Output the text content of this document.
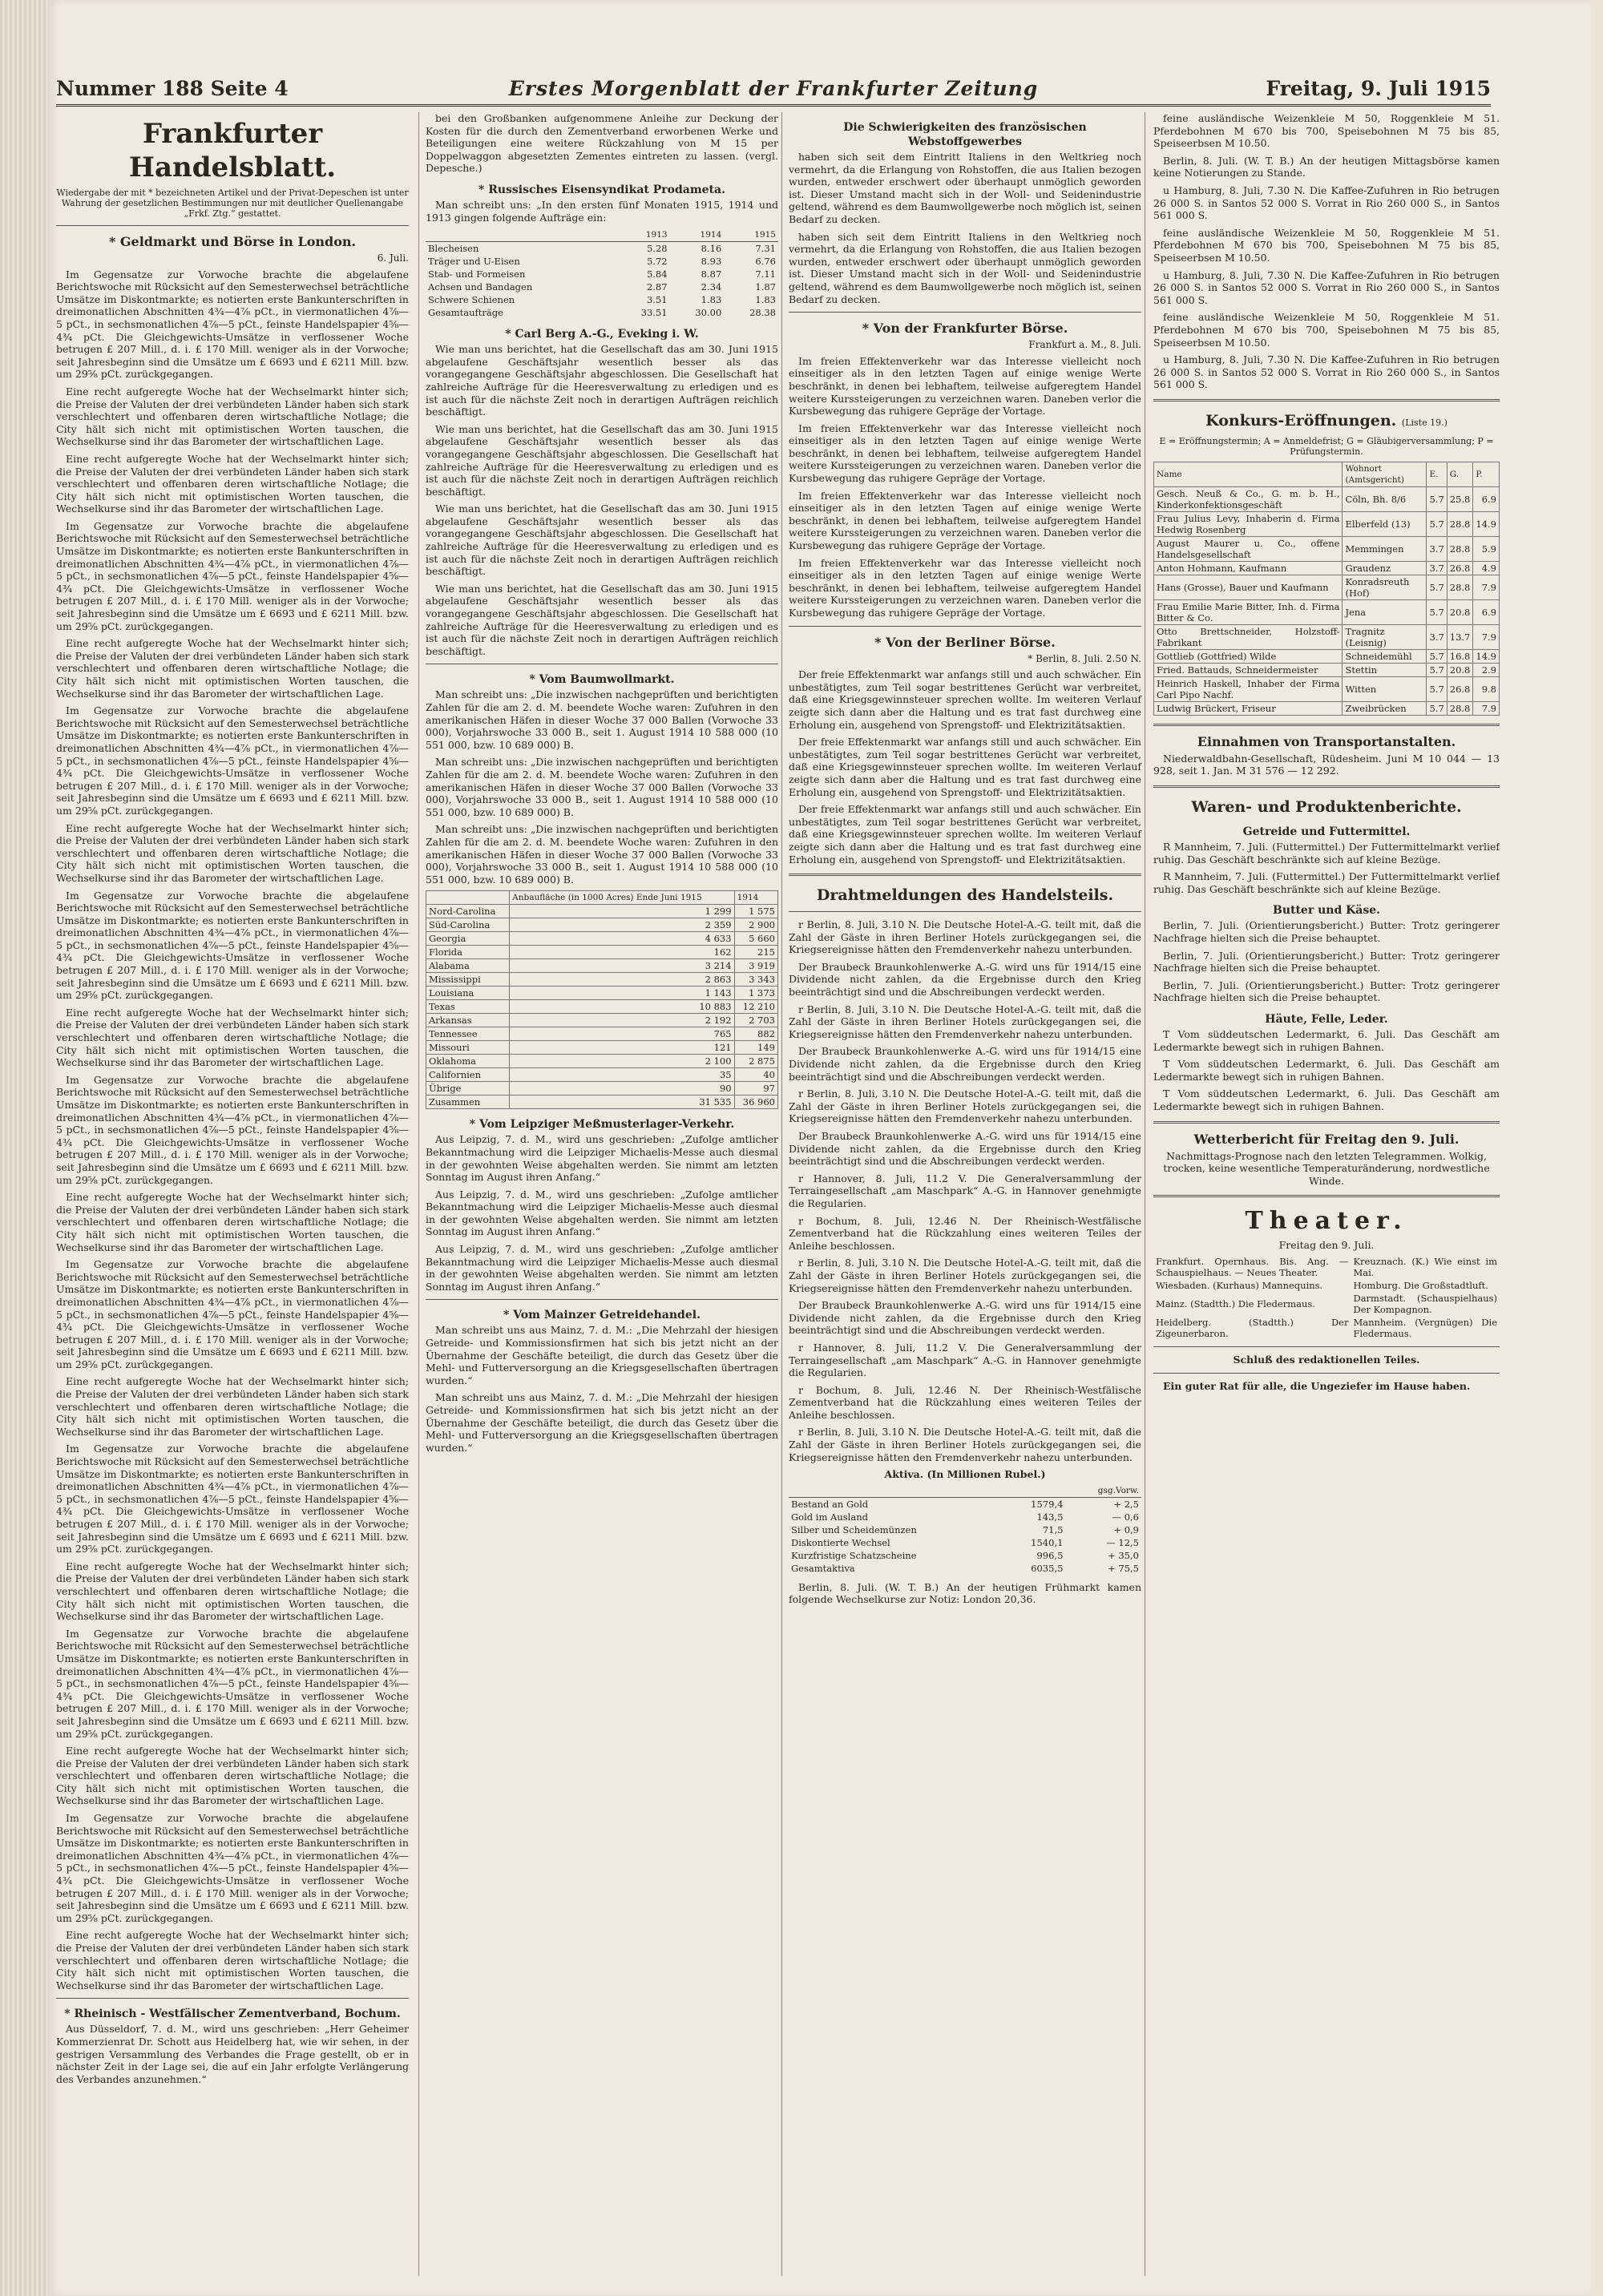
Nummer 188 Seite 4	Erstes Morgenblatt der Frankfurter Zeitung	Freitag, 9. Juli 1915
Frankfurter Handelsblatt.
Wiedergabe der mit * bezeichneten Artikel und der Privat-Depeschen ist unter Wahrung der gesetzlichen Bestimmungen nur mit deutlicher Quellenangabe „Frkf. Ztg.“ gestattet.
* Geldmarkt und Börse in London.
6. Juli.

Im Gegensatze zur Vorwoche brachte die abgelaufene Berichtswoche mit Rücksicht auf den Semesterwechsel beträchtliche Umsätze im Diskontmarkte; es notierten erste Bankunterschriften in dreimonatlichen Abschnitten 4¾—4⅞ pCt., in viermonatlichen 4⅞—5 pCt., in sechsmonatlichen 4⅞—5 pCt., feinste Handelspapier 4⅝—4¾ pCt. Die Gleichgewichts-Umsätze in verflossener Woche betrugen £ 207 Mill., d. i. £ 170 Mill. weniger als in der Vorwoche; seit Jahresbeginn sind die Umsätze um £ 6693 und £ 6211 Mill. bzw. um 29⅝ pCt. zurückgegangen.

Eine recht aufgeregte Woche hat der Wechselmarkt hinter sich; die Preise der Valuten der drei verbündeten Länder haben sich stark verschlechtert und offenbaren deren wirtschaftliche Notlage; die City hält sich nicht mit optimistischen Worten tauschen, die Wechselkurse sind ihr das Barometer der wirtschaftlichen Lage.

Eine recht aufgeregte Woche hat der Wechselmarkt hinter sich; die Preise der Valuten der drei verbündeten Länder haben sich stark verschlechtert und offenbaren deren wirtschaftliche Notlage; die City hält sich nicht mit optimistischen Worten tauschen, die Wechselkurse sind ihr das Barometer der wirtschaftlichen Lage.

Im Gegensatze zur Vorwoche brachte die abgelaufene Berichtswoche mit Rücksicht auf den Semesterwechsel beträchtliche Umsätze im Diskontmarkte; es notierten erste Bankunterschriften in dreimonatlichen Abschnitten 4¾—4⅞ pCt., in viermonatlichen 4⅞—5 pCt., in sechsmonatlichen 4⅞—5 pCt., feinste Handelspapier 4⅝—4¾ pCt. Die Gleichgewichts-Umsätze in verflossener Woche betrugen £ 207 Mill., d. i. £ 170 Mill. weniger als in der Vorwoche; seit Jahresbeginn sind die Umsätze um £ 6693 und £ 6211 Mill. bzw. um 29⅝ pCt. zurückgegangen.

Eine recht aufgeregte Woche hat der Wechselmarkt hinter sich; die Preise der Valuten der drei verbündeten Länder haben sich stark verschlechtert und offenbaren deren wirtschaftliche Notlage; die City hält sich nicht mit optimistischen Worten tauschen, die Wechselkurse sind ihr das Barometer der wirtschaftlichen Lage.

Im Gegensatze zur Vorwoche brachte die abgelaufene Berichtswoche mit Rücksicht auf den Semesterwechsel beträchtliche Umsätze im Diskontmarkte; es notierten erste Bankunterschriften in dreimonatlichen Abschnitten 4¾—4⅞ pCt., in viermonatlichen 4⅞—5 pCt., in sechsmonatlichen 4⅞—5 pCt., feinste Handelspapier 4⅝—4¾ pCt. Die Gleichgewichts-Umsätze in verflossener Woche betrugen £ 207 Mill., d. i. £ 170 Mill. weniger als in der Vorwoche; seit Jahresbeginn sind die Umsätze um £ 6693 und £ 6211 Mill. bzw. um 29⅝ pCt. zurückgegangen.

Eine recht aufgeregte Woche hat der Wechselmarkt hinter sich; die Preise der Valuten der drei verbündeten Länder haben sich stark verschlechtert und offenbaren deren wirtschaftliche Notlage; die City hält sich nicht mit optimistischen Worten tauschen, die Wechselkurse sind ihr das Barometer der wirtschaftlichen Lage.

Im Gegensatze zur Vorwoche brachte die abgelaufene Berichtswoche mit Rücksicht auf den Semesterwechsel beträchtliche Umsätze im Diskontmarkte; es notierten erste Bankunterschriften in dreimonatlichen Abschnitten 4¾—4⅞ pCt., in viermonatlichen 4⅞—5 pCt., in sechsmonatlichen 4⅞—5 pCt., feinste Handelspapier 4⅝—4¾ pCt. Die Gleichgewichts-Umsätze in verflossener Woche betrugen £ 207 Mill., d. i. £ 170 Mill. weniger als in der Vorwoche; seit Jahresbeginn sind die Umsätze um £ 6693 und £ 6211 Mill. bzw. um 29⅝ pCt. zurückgegangen.

Eine recht aufgeregte Woche hat der Wechselmarkt hinter sich; die Preise der Valuten der drei verbündeten Länder haben sich stark verschlechtert und offenbaren deren wirtschaftliche Notlage; die City hält sich nicht mit optimistischen Worten tauschen, die Wechselkurse sind ihr das Barometer der wirtschaftlichen Lage.

Im Gegensatze zur Vorwoche brachte die abgelaufene Berichtswoche mit Rücksicht auf den Semesterwechsel beträchtliche Umsätze im Diskontmarkte; es notierten erste Bankunterschriften in dreimonatlichen Abschnitten 4¾—4⅞ pCt., in viermonatlichen 4⅞—5 pCt., in sechsmonatlichen 4⅞—5 pCt., feinste Handelspapier 4⅝—4¾ pCt. Die Gleichgewichts-Umsätze in verflossener Woche betrugen £ 207 Mill., d. i. £ 170 Mill. weniger als in der Vorwoche; seit Jahresbeginn sind die Umsätze um £ 6693 und £ 6211 Mill. bzw. um 29⅝ pCt. zurückgegangen.

Eine recht aufgeregte Woche hat der Wechselmarkt hinter sich; die Preise der Valuten der drei verbündeten Länder haben sich stark verschlechtert und offenbaren deren wirtschaftliche Notlage; die City hält sich nicht mit optimistischen Worten tauschen, die Wechselkurse sind ihr das Barometer der wirtschaftlichen Lage.

Im Gegensatze zur Vorwoche brachte die abgelaufene Berichtswoche mit Rücksicht auf den Semesterwechsel beträchtliche Umsätze im Diskontmarkte; es notierten erste Bankunterschriften in dreimonatlichen Abschnitten 4¾—4⅞ pCt., in viermonatlichen 4⅞—5 pCt., in sechsmonatlichen 4⅞—5 pCt., feinste Handelspapier 4⅝—4¾ pCt. Die Gleichgewichts-Umsätze in verflossener Woche betrugen £ 207 Mill., d. i. £ 170 Mill. weniger als in der Vorwoche; seit Jahresbeginn sind die Umsätze um £ 6693 und £ 6211 Mill. bzw. um 29⅝ pCt. zurückgegangen.

Eine recht aufgeregte Woche hat der Wechselmarkt hinter sich; die Preise der Valuten der drei verbündeten Länder haben sich stark verschlechtert und offenbaren deren wirtschaftliche Notlage; die City hält sich nicht mit optimistischen Worten tauschen, die Wechselkurse sind ihr das Barometer der wirtschaftlichen Lage.

Im Gegensatze zur Vorwoche brachte die abgelaufene Berichtswoche mit Rücksicht auf den Semesterwechsel beträchtliche Umsätze im Diskontmarkte; es notierten erste Bankunterschriften in dreimonatlichen Abschnitten 4¾—4⅞ pCt., in viermonatlichen 4⅞—5 pCt., in sechsmonatlichen 4⅞—5 pCt., feinste Handelspapier 4⅝—4¾ pCt. Die Gleichgewichts-Umsätze in verflossener Woche betrugen £ 207 Mill., d. i. £ 170 Mill. weniger als in der Vorwoche; seit Jahresbeginn sind die Umsätze um £ 6693 und £ 6211 Mill. bzw. um 29⅝ pCt. zurückgegangen.

Eine recht aufgeregte Woche hat der Wechselmarkt hinter sich; die Preise der Valuten der drei verbündeten Länder haben sich stark verschlechtert und offenbaren deren wirtschaftliche Notlage; die City hält sich nicht mit optimistischen Worten tauschen, die Wechselkurse sind ihr das Barometer der wirtschaftlichen Lage.

Im Gegensatze zur Vorwoche brachte die abgelaufene Berichtswoche mit Rücksicht auf den Semesterwechsel beträchtliche Umsätze im Diskontmarkte; es notierten erste Bankunterschriften in dreimonatlichen Abschnitten 4¾—4⅞ pCt., in viermonatlichen 4⅞—5 pCt., in sechsmonatlichen 4⅞—5 pCt., feinste Handelspapier 4⅝—4¾ pCt. Die Gleichgewichts-Umsätze in verflossener Woche betrugen £ 207 Mill., d. i. £ 170 Mill. weniger als in der Vorwoche; seit Jahresbeginn sind die Umsätze um £ 6693 und £ 6211 Mill. bzw. um 29⅝ pCt. zurückgegangen.

Eine recht aufgeregte Woche hat der Wechselmarkt hinter sich; die Preise der Valuten der drei verbündeten Länder haben sich stark verschlechtert und offenbaren deren wirtschaftliche Notlage; die City hält sich nicht mit optimistischen Worten tauschen, die Wechselkurse sind ihr das Barometer der wirtschaftlichen Lage.

Im Gegensatze zur Vorwoche brachte die abgelaufene Berichtswoche mit Rücksicht auf den Semesterwechsel beträchtliche Umsätze im Diskontmarkte; es notierten erste Bankunterschriften in dreimonatlichen Abschnitten 4¾—4⅞ pCt., in viermonatlichen 4⅞—5 pCt., in sechsmonatlichen 4⅞—5 pCt., feinste Handelspapier 4⅝—4¾ pCt. Die Gleichgewichts-Umsätze in verflossener Woche betrugen £ 207 Mill., d. i. £ 170 Mill. weniger als in der Vorwoche; seit Jahresbeginn sind die Umsätze um £ 6693 und £ 6211 Mill. bzw. um 29⅝ pCt. zurückgegangen.

Eine recht aufgeregte Woche hat der Wechselmarkt hinter sich; die Preise der Valuten der drei verbündeten Länder haben sich stark verschlechtert und offenbaren deren wirtschaftliche Notlage; die City hält sich nicht mit optimistischen Worten tauschen, die Wechselkurse sind ihr das Barometer der wirtschaftlichen Lage.

* Rheinisch - Westfälischer Zementverband, Bochum.

Aus Düsseldorf, 7. d. M., wird uns geschrieben: „Herr Geheimer Kommerzienrat Dr. Schott aus Heidelberg hat, wie wir sehen, in der gestrigen Versammlung des Verbandes die Frage gestellt, ob er in nächster Zeit in der Lage sei, die auf ein Jahr erfolgte Verlängerung des Verbandes anzunehmen.“

bei den Großbanken aufgenommene Anleihe zur Deckung der Kosten für die durch den Zementverband erworbenen Werke und Beteiligungen eine weitere Rückzahlung von M 15 per Doppelwaggon abgesetzten Zementes eintreten zu lassen. (vergl. Depesche.)

* Russisches Eisensyndikat Prodameta.

Man schreibt uns: „In den ersten fünf Monaten 1915, 1914 und 1913 gingen folgende Aufträge ein:

	1913	1914	1915
Blecheisen	5.28	8.16	7.31
Träger und U-Eisen	5.72	8.93	6.76
Stab- und Formeisen	5.84	8.87	7.11
Achsen und Bandagen	2.87	2.34	1.87
Schwere Schienen	3.51	1.83	1.83
Gesamtaufträge	33.51	30.00	28.38
* Carl Berg A.-G., Eveking i. W.

Wie man uns berichtet, hat die Gesellschaft das am 30. Juni 1915 abgelaufene Geschäftsjahr wesentlich besser als das vorangegangene Geschäftsjahr abgeschlossen. Die Gesellschaft hat zahlreiche Aufträge für die Heeresverwaltung zu erledigen und es ist auch für die nächste Zeit noch in derartigen Aufträgen reichlich beschäftigt.

Wie man uns berichtet, hat die Gesellschaft das am 30. Juni 1915 abgelaufene Geschäftsjahr wesentlich besser als das vorangegangene Geschäftsjahr abgeschlossen. Die Gesellschaft hat zahlreiche Aufträge für die Heeresverwaltung zu erledigen und es ist auch für die nächste Zeit noch in derartigen Aufträgen reichlich beschäftigt.

Wie man uns berichtet, hat die Gesellschaft das am 30. Juni 1915 abgelaufene Geschäftsjahr wesentlich besser als das vorangegangene Geschäftsjahr abgeschlossen. Die Gesellschaft hat zahlreiche Aufträge für die Heeresverwaltung zu erledigen und es ist auch für die nächste Zeit noch in derartigen Aufträgen reichlich beschäftigt.

Wie man uns berichtet, hat die Gesellschaft das am 30. Juni 1915 abgelaufene Geschäftsjahr wesentlich besser als das vorangegangene Geschäftsjahr abgeschlossen. Die Gesellschaft hat zahlreiche Aufträge für die Heeresverwaltung zu erledigen und es ist auch für die nächste Zeit noch in derartigen Aufträgen reichlich beschäftigt.

* Vom Baumwollmarkt.

Man schreibt uns: „Die inzwischen nachgeprüften und berichtigten Zahlen für die am 2. d. M. beendete Woche waren: Zufuhren in den amerikanischen Häfen in dieser Woche 37 000 Ballen (Vorwoche 33 000), Vorjahrswoche 33 000 B., seit 1. August 1914 10 588 000 (10 551 000, bzw. 10 689 000) B.

Man schreibt uns: „Die inzwischen nachgeprüften und berichtigten Zahlen für die am 2. d. M. beendete Woche waren: Zufuhren in den amerikanischen Häfen in dieser Woche 37 000 Ballen (Vorwoche 33 000), Vorjahrswoche 33 000 B., seit 1. August 1914 10 588 000 (10 551 000, bzw. 10 689 000) B.

Man schreibt uns: „Die inzwischen nachgeprüften und berichtigten Zahlen für die am 2. d. M. beendete Woche waren: Zufuhren in den amerikanischen Häfen in dieser Woche 37 000 Ballen (Vorwoche 33 000), Vorjahrswoche 33 000 B., seit 1. August 1914 10 588 000 (10 551 000, bzw. 10 689 000) B.

	Anbaufläche (in 1000 Acres) Ende Juni 1915	1914
Nord-Carolina	1 299	1 575
Süd-Carolina	2 359	2 900
Georgia	4 633	5 660
Florida	162	215
Alabama	3 214	3 919
Mississippi	2 863	3 343
Louisiana	1 143	1 373
Texas	10 883	12 210
Arkansas	2 192	2 703
Tennessee	765	882
Missouri	121	149
Oklahoma	2 100	2 875
Californien	35	40
Übrige	90	97
Zusammen	31 535	36 960
* Vom Leipziger Meßmusterlager-Verkehr.

Aus Leipzig, 7. d. M., wird uns geschrieben: „Zufolge amtlicher Bekanntmachung wird die Leipziger Michaelis-Messe auch diesmal in der gewohnten Weise abgehalten werden. Sie nimmt am letzten Sonntag im August ihren Anfang.“

Aus Leipzig, 7. d. M., wird uns geschrieben: „Zufolge amtlicher Bekanntmachung wird die Leipziger Michaelis-Messe auch diesmal in der gewohnten Weise abgehalten werden. Sie nimmt am letzten Sonntag im August ihren Anfang.“

Aus Leipzig, 7. d. M., wird uns geschrieben: „Zufolge amtlicher Bekanntmachung wird die Leipziger Michaelis-Messe auch diesmal in der gewohnten Weise abgehalten werden. Sie nimmt am letzten Sonntag im August ihren Anfang.“

* Vom Mainzer Getreidehandel.

Man schreibt uns aus Mainz, 7. d. M.: „Die Mehrzahl der hiesigen Getreide- und Kommissionsfirmen hat sich bis jetzt nicht an der Übernahme der Geschäfte beteiligt, die durch das Gesetz über die Mehl- und Futterversorgung an die Kriegsgesellschaften übertragen wurden.“

Man schreibt uns aus Mainz, 7. d. M.: „Die Mehrzahl der hiesigen Getreide- und Kommissionsfirmen hat sich bis jetzt nicht an der Übernahme der Geschäfte beteiligt, die durch das Gesetz über die Mehl- und Futterversorgung an die Kriegsgesellschaften übertragen wurden.“

Die Schwierigkeiten des französischen Webstoffgewerbes

haben sich seit dem Eintritt Italiens in den Weltkrieg noch vermehrt, da die Erlangung von Rohstoffen, die aus Italien bezogen wurden, entweder erschwert oder überhaupt unmöglich geworden ist. Dieser Umstand macht sich in der Woll- und Seidenindustrie geltend, während es dem Baumwollgewerbe noch möglich ist, seinen Bedarf zu decken.

haben sich seit dem Eintritt Italiens in den Weltkrieg noch vermehrt, da die Erlangung von Rohstoffen, die aus Italien bezogen wurden, entweder erschwert oder überhaupt unmöglich geworden ist. Dieser Umstand macht sich in der Woll- und Seidenindustrie geltend, während es dem Baumwollgewerbe noch möglich ist, seinen Bedarf zu decken.

* Von der Frankfurter Börse.
Frankfurt a. M., 8. Juli.

Im freien Effektenverkehr war das Interesse vielleicht noch einseitiger als in den letzten Tagen auf einige wenige Werte beschränkt, in denen bei lebhaftem, teilweise aufgeregtem Handel weitere Kurssteigerungen zu verzeichnen waren. Daneben verlor die Kursbewegung das ruhigere Gepräge der Vortage.

Im freien Effektenverkehr war das Interesse vielleicht noch einseitiger als in den letzten Tagen auf einige wenige Werte beschränkt, in denen bei lebhaftem, teilweise aufgeregtem Handel weitere Kurssteigerungen zu verzeichnen waren. Daneben verlor die Kursbewegung das ruhigere Gepräge der Vortage.

Im freien Effektenverkehr war das Interesse vielleicht noch einseitiger als in den letzten Tagen auf einige wenige Werte beschränkt, in denen bei lebhaftem, teilweise aufgeregtem Handel weitere Kurssteigerungen zu verzeichnen waren. Daneben verlor die Kursbewegung das ruhigere Gepräge der Vortage.

Im freien Effektenverkehr war das Interesse vielleicht noch einseitiger als in den letzten Tagen auf einige wenige Werte beschränkt, in denen bei lebhaftem, teilweise aufgeregtem Handel weitere Kurssteigerungen zu verzeichnen waren. Daneben verlor die Kursbewegung das ruhigere Gepräge der Vortage.

* Von der Berliner Börse.
* Berlin, 8. Juli. 2.50 N.

Der freie Effektenmarkt war anfangs still und auch schwächer. Ein unbestätigtes, zum Teil sogar bestrittenes Gerücht war verbreitet, daß eine Kriegsgewinnsteuer sprechen wollte. Im weiteren Verlauf zeigte sich dann aber die Haltung und es trat fast durchweg eine Erholung ein, ausgehend von Sprengstoff- und Elektrizitätsaktien.

Der freie Effektenmarkt war anfangs still und auch schwächer. Ein unbestätigtes, zum Teil sogar bestrittenes Gerücht war verbreitet, daß eine Kriegsgewinnsteuer sprechen wollte. Im weiteren Verlauf zeigte sich dann aber die Haltung und es trat fast durchweg eine Erholung ein, ausgehend von Sprengstoff- und Elektrizitätsaktien.

Der freie Effektenmarkt war anfangs still und auch schwächer. Ein unbestätigtes, zum Teil sogar bestrittenes Gerücht war verbreitet, daß eine Kriegsgewinnsteuer sprechen wollte. Im weiteren Verlauf zeigte sich dann aber die Haltung und es trat fast durchweg eine Erholung ein, ausgehend von Sprengstoff- und Elektrizitätsaktien.

Drahtmeldungen des Handelsteils.

r Berlin, 8. Juli, 3.10 N. Die Deutsche Hotel-A.-G. teilt mit, daß die Zahl der Gäste in ihren Berliner Hotels zurückgegangen sei, die Kriegsereignisse hätten den Fremdenverkehr nahezu unterbunden.

Der Braubeck Braunkohlenwerke A.-G. wird uns für 1914/15 eine Dividende nicht zahlen, da die Ergebnisse durch den Krieg beeinträchtigt sind und die Abschreibungen verdeckt werden.

r Berlin, 8. Juli, 3.10 N. Die Deutsche Hotel-A.-G. teilt mit, daß die Zahl der Gäste in ihren Berliner Hotels zurückgegangen sei, die Kriegsereignisse hätten den Fremdenverkehr nahezu unterbunden.

Der Braubeck Braunkohlenwerke A.-G. wird uns für 1914/15 eine Dividende nicht zahlen, da die Ergebnisse durch den Krieg beeinträchtigt sind und die Abschreibungen verdeckt werden.

r Berlin, 8. Juli, 3.10 N. Die Deutsche Hotel-A.-G. teilt mit, daß die Zahl der Gäste in ihren Berliner Hotels zurückgegangen sei, die Kriegsereignisse hätten den Fremdenverkehr nahezu unterbunden.

Der Braubeck Braunkohlenwerke A.-G. wird uns für 1914/15 eine Dividende nicht zahlen, da die Ergebnisse durch den Krieg beeinträchtigt sind und die Abschreibungen verdeckt werden.

r Hannover, 8. Juli, 11.2 V. Die Generalversammlung der Terraingesellschaft „am Maschpark“ A.-G. in Hannover genehmigte die Regularien.

r Bochum, 8. Juli, 12.46 N. Der Rheinisch-Westfälische Zementverband hat die Rückzahlung eines weiteren Teiles der Anleihe beschlossen.

r Berlin, 8. Juli, 3.10 N. Die Deutsche Hotel-A.-G. teilt mit, daß die Zahl der Gäste in ihren Berliner Hotels zurückgegangen sei, die Kriegsereignisse hätten den Fremdenverkehr nahezu unterbunden.

Der Braubeck Braunkohlenwerke A.-G. wird uns für 1914/15 eine Dividende nicht zahlen, da die Ergebnisse durch den Krieg beeinträchtigt sind und die Abschreibungen verdeckt werden.

r Hannover, 8. Juli, 11.2 V. Die Generalversammlung der Terraingesellschaft „am Maschpark“ A.-G. in Hannover genehmigte die Regularien.

r Bochum, 8. Juli, 12.46 N. Der Rheinisch-Westfälische Zementverband hat die Rückzahlung eines weiteren Teiles der Anleihe beschlossen.

r Berlin, 8. Juli, 3.10 N. Die Deutsche Hotel-A.-G. teilt mit, daß die Zahl der Gäste in ihren Berliner Hotels zurückgegangen sei, die Kriegsereignisse hätten den Fremdenverkehr nahezu unterbunden.

Aktiva. (In Millionen Rubel.)
		gsg.Vorw.
Bestand an Gold	1579,4	+ 2,5
Gold im Ausland	143,5	— 0,6
Silber und Scheidemünzen	71,5	+ 0,9
Diskontierte Wechsel	1540,1	— 12,5
Kurzfristige Schatzscheine	996,5	+ 35,0
Gesamtaktiva	6035,5	+ 75,5

Berlin, 8. Juli. (W. T. B.) An der heutigen Frühmarkt kamen folgende Wechselkurse zur Notiz: London 20,36.

feine ausländische Weizenkleie M 50, Roggenkleie M 51. Pferdebohnen M 670 bis 700, Speisebohnen M 75 bis 85, Speiseerbsen M 10.50.

Berlin, 8. Juli. (W. T. B.) An der heutigen Mittagsbörse kamen keine Notierungen zu Stande.

u Hamburg, 8. Juli, 7.30 N. Die Kaffee-Zufuhren in Rio betrugen 26 000 S. in Santos 52 000 S. Vorrat in Rio 260 000 S., in Santos 561 000 S.

feine ausländische Weizenkleie M 50, Roggenkleie M 51. Pferdebohnen M 670 bis 700, Speisebohnen M 75 bis 85, Speiseerbsen M 10.50.

u Hamburg, 8. Juli, 7.30 N. Die Kaffee-Zufuhren in Rio betrugen 26 000 S. in Santos 52 000 S. Vorrat in Rio 260 000 S., in Santos 561 000 S.

feine ausländische Weizenkleie M 50, Roggenkleie M 51. Pferdebohnen M 670 bis 700, Speisebohnen M 75 bis 85, Speiseerbsen M 10.50.

u Hamburg, 8. Juli, 7.30 N. Die Kaffee-Zufuhren in Rio betrugen 26 000 S. in Santos 52 000 S. Vorrat in Rio 260 000 S., in Santos 561 000 S.

Konkurs-Eröffnungen. (Liste 19.)
E = Eröffnungstermin; A = Anmeldefrist; G = Gläubigerversammlung; P = Prüfungstermin.
Name	Wohnort (Amtsgericht)	E.	G.	P.
Gesch. Neuß & Co., G. m. b. H., Kinderkonfektionsgeschäft	Cöln, Bh. 8/6	5.7	25.8	6.9
Frau Julius Levy, Inhaberin d. Firma Hedwig Rosenberg	Elberfeld (13)	5.7	28.8	14.9
August Maurer u. Co., offene Handelsgesellschaft	Memmingen	3.7	28.8	5.9
Anton Hohmann, Kaufmann	Graudenz	3.7	26.8	4.9
Hans (Grosse), Bauer und Kaufmann	Konradsreuth (Hof)	5.7	28.8	7.9
Frau Emilie Marie Bitter, Inh. d. Firma Bitter & Co.	Jena	5.7	20.8	6.9
Otto Brettschneider, Holzstoff-Fabrikant	Tragnitz (Leisnig)	3.7	13.7	7.9
Gottlieb (Gottfried) Wilde	Schneidemühl	5.7	16.8	14.9
Fried. Battauds, Schneidermeister	Stettin	5.7	20.8	2.9
Heinrich Haskell, Inhaber der Firma Carl Pipo Nachf.	Witten	5.7	26.8	9.8
Ludwig Brückert, Friseur	Zweibrücken	5.7	28.8	7.9
Einnahmen von Transportanstalten.

Niederwaldbahn-Gesellschaft, Rüdesheim. Juni M 10 044 — 13 928, seit 1. Jan. M 31 576 — 12 292.

Waren- und Produktenberichte.
Getreide und Futtermittel.

R Mannheim, 7. Juli. (Futtermittel.) Der Futtermittelmarkt verlief ruhig. Das Geschäft beschränkte sich auf kleine Bezüge.

R Mannheim, 7. Juli. (Futtermittel.) Der Futtermittelmarkt verlief ruhig. Das Geschäft beschränkte sich auf kleine Bezüge.

Butter und Käse.

Berlin, 7. Juli. (Orientierungsbericht.) Butter: Trotz geringerer Nachfrage hielten sich die Preise behauptet.

Berlin, 7. Juli. (Orientierungsbericht.) Butter: Trotz geringerer Nachfrage hielten sich die Preise behauptet.

Berlin, 7. Juli. (Orientierungsbericht.) Butter: Trotz geringerer Nachfrage hielten sich die Preise behauptet.

Häute, Felle, Leder.

T Vom süddeutschen Ledermarkt, 6. Juli. Das Geschäft am Ledermarkte bewegt sich in ruhigen Bahnen.

T Vom süddeutschen Ledermarkt, 6. Juli. Das Geschäft am Ledermarkte bewegt sich in ruhigen Bahnen.

T Vom süddeutschen Ledermarkt, 6. Juli. Das Geschäft am Ledermarkte bewegt sich in ruhigen Bahnen.

Wetterbericht für Freitag den 9. Juli.

Nachmittags-Prognose nach den letzten Telegrammen. Wolkig, trocken, keine wesentliche Temperaturänderung, nordwestliche Winde.

Theater.
Freitag den 9. Juli.
Frankfurt. Opernhaus. Bis. Ang. — Schauspielhaus. — Neues Theater.	Kreuznach. (K.) Wie einst im Mai.
Wiesbaden. (Kurhaus) Mannequins.	Homburg. Die Großstadtluft.
Mainz. (Stadtth.) Die Fledermaus.	Darmstadt. (Schauspielhaus) Der Kompagnon.
Heidelberg. (Stadtth.) Der Zigeunerbaron.	Mannheim. (Vergnügen) Die Fledermaus.
Schluß des redaktionellen Teiles.

Ein guter Rat für alle, die Ungeziefer im Hause haben.
